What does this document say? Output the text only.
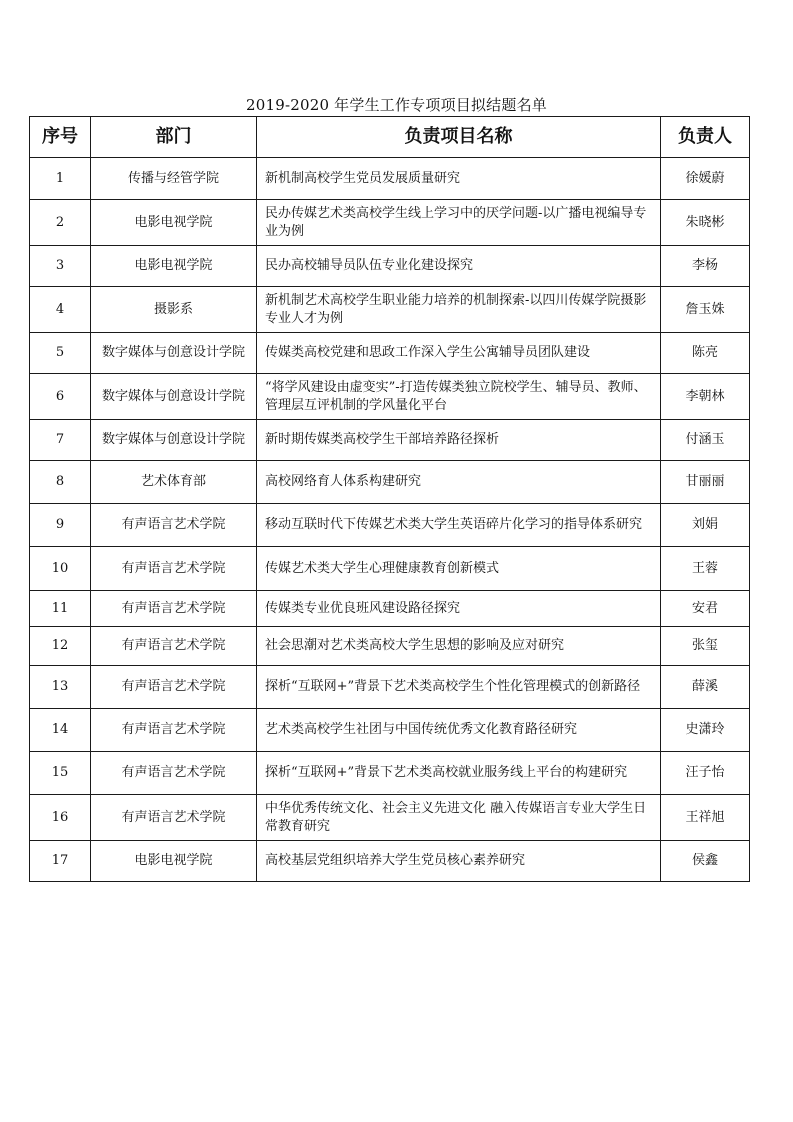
2019-2020 年学生工作专项项目拟结题名单
序号	部门	负责项目名称	负责人
1	传播与经管学院	新机制高校学生党员发展质量研究	徐媛蔚
2	电影电视学院	民办传媒艺术类高校学生线上学习中的厌学问题-以广播电视编导专业为例	朱晓彬
3	电影电视学院	民办高校辅导员队伍专业化建设探究	李杨
4	摄影系	新机制艺术高校学生职业能力培养的机制探索-以四川传媒学院摄影专业人才为例	詹玉姝
5	数字媒体与创意设计学院	传媒类高校党建和思政工作深入学生公寓辅导员团队建设	陈亮
6	数字媒体与创意设计学院	“将学风建设由虚变实”-打造传媒类独立院校学生、辅导员、教师、管理层互评机制的学风量化平台	李朝林
7	数字媒体与创意设计学院	新时期传媒类高校学生干部培养路径探析	付涵玉
8	艺术体育部	高校网络育人体系构建研究	甘丽丽
9	有声语言艺术学院	移动互联时代下传媒艺术类大学生英语碎片化学习的指导体系研究	刘娟
10	有声语言艺术学院	传媒艺术类大学生心理健康教育创新模式	王蓉
11	有声语言艺术学院	传媒类专业优良班风建设路径探究	安君
12	有声语言艺术学院	社会思潮对艺术类高校大学生思想的影响及应对研究	张玺
13	有声语言艺术学院	探析“互联网+”背景下艺术类高校学生个性化管理模式的创新路径	薛溪
14	有声语言艺术学院	艺术类高校学生社团与中国传统优秀文化教育路径研究	史潇玲
15	有声语言艺术学院	探析“互联网+”背景下艺术类高校就业服务线上平台的构建研究	汪子怡
16	有声语言艺术学院	中华优秀传统文化、社会主义先进文化 融入传媒语言专业大学生日常教育研究	王祥旭
17	电影电视学院	高校基层党组织培养大学生党员核心素养研究	侯鑫
